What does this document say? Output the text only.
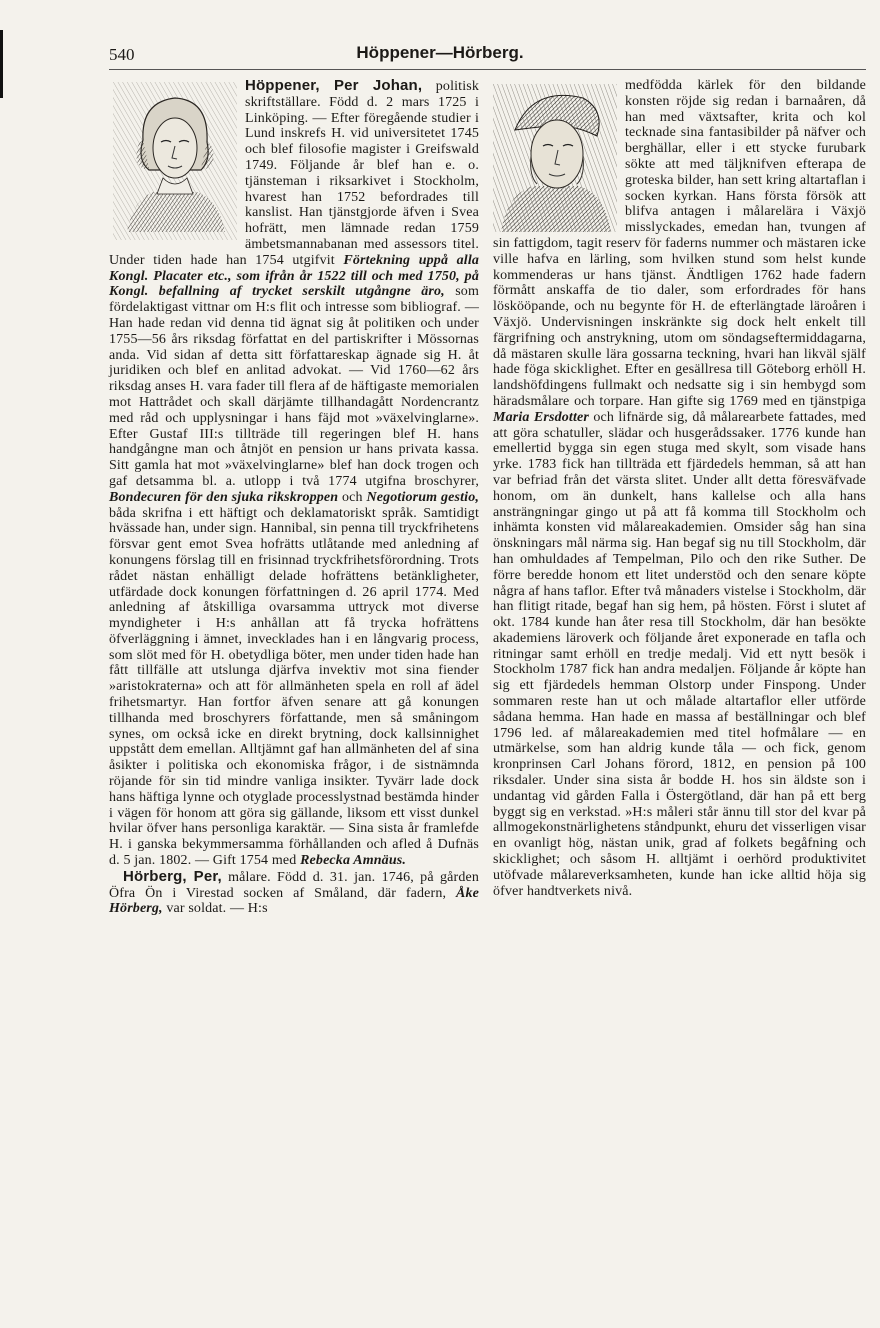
540	Höppener—Hörberg.

Höppener, Per Johan, politisk skriftställare. Född d. 2 mars 1725 i Linköping. — Efter föregående studier i Lund inskrefs H. vid universitetet 1745 och blef filosofie magister i Greifswald 1749. Följande år blef han e. o. tjänsteman i riksarkivet i Stockholm, hvarest han 1752 befordrades till kanslist. Han tjänstgjorde äfven i Svea hofrätt, men lämnade redan 1759 ämbetsmannabanan med assessors titel. Under tiden hade han 1754 utgifvit Förtekning uppå alla Kongl. Placater etc., som ifrån år 1522 till och med 1750, på Kongl. befallning af trycket serskilt utgångne äro, som fördelaktigast vittnar om H:s flit och intresse som bibliograf. — Han hade redan vid denna tid ägnat sig åt politiken och under 1755—56 års riksdag författat en del partiskrifter i Mössornas anda. Vid sidan af detta sitt författareskap ägnade sig H. åt juridiken och blef en anlitad advokat. — Vid 1760—62 års riksdag anses H. vara fader till flera af de häftigaste memorialen mot Hattrådet och skall därjämte tillhandagått Nordencrantz med råd och upplysningar i hans fäjd mot »växelvinglarne». Efter Gustaf III:s tillträde till regeringen blef H. hans handgångne man och åtnjöt en pension ur hans privata kassa. Sitt gamla hat mot »växelvinglarne» blef han dock trogen och gaf detsamma bl. a. utlopp i två 1774 utgifna broschyrer, Bondecuren för den sjuka rikskroppen och Negotiorum gestio, båda skrifna i ett häftigt och deklamatoriskt språk. Samtidigt hvässade han, under sign. Hannibal, sin penna till tryckfrihetens försvar gent emot Svea hofrätts utlåtande med anledning af konungens förslag till en frisinnad tryckfrihetsförordning. Trots rådet nästan enhälligt delade hofrättens betänkligheter, utfärdade dock konungen författningen d. 26 april 1774. Med anledning af åtskilliga ovarsamma uttryck mot diverse myndigheter i H:s anhållan att få trycka hofrättens öfverläggning i ämnet, invecklades han i en långvarig process, som slöt med för H. obetydliga böter, men under tiden hade han fått tillfälle att utslunga djärfva invektiv mot sina fiender »aristokraterna» och att för allmänheten spela en roll af ädel frihetsmartyr. Han fortfor äfven senare att gå konungen tillhanda med broschyrers författande, men så småningom synes, om också icke en direkt brytning, dock kallsinnighet uppstått dem emellan. Alltjämnt gaf han allmänheten del af sina åsikter i politiska och ekonomiska frågor, i de sistnämnda röjande för sin tid mindre vanliga insikter. Tyvärr lade dock hans häftiga lynne och otyglade processlystnad bestämda hinder i vägen för honom att göra sig gällande, liksom ett visst dunkel hvilar öfver hans personliga karaktär. — Sina sista år framlefde H. i ganska bekymmersamma förhållanden och afled å Dufnäs d. 5 jan. 1802. — Gift 1754 med Rebecka Amnäus.

Hörberg, Per, målare. Född d. 31. jan. 1746, på gården Öfra Ön i Virestad socken af Småland, där fadern, Åke Hörberg, var soldat. — H:s

medfödda kärlek för den bildande konsten röjde sig redan i barnaåren, då han med växtsafter, krita och kol tecknade sina fantasibilder på näfver och berghällar, eller i ett stycke furubark sökte att med täljknifven efterapa de groteska bilder, han sett kring altartaflan i socken kyrkan. Hans första försök att blifva antagen i målarelära i Växjö misslyckades, emedan han, tvungen af sin fattigdom, tagit reserv för faderns nummer och mästaren icke ville hafva en lärling, som hvilken stund som helst kunde kommenderas ur hans tjänst. Ändtligen 1762 hade fadern förmått anskaffa de tio daler, som erfordrades för hans löskööpande, och nu begynte för H. de efterlängtade läroåren i Växjö. Undervisningen inskränkte sig dock helt enkelt till färgrifning och anstrykning, utom om söndagseftermiddagarna, då mästaren skulle lära gossarna teckning, hvari han likväl själf hade föga skicklighet. Efter en gesällresa till Göteborg erhöll H. landshöfdingens fullmakt och nedsatte sig i sin hembygd som häradsmålare och torpare. Han gifte sig 1769 med en tjänstpiga Maria Ersdotter och lifnärde sig, då målarearbete fattades, med att göra schatuller, slädar och husgerådssaker. 1776 kunde han emellertid bygga sin egen stuga med skylt, som visade hans yrke. 1783 fick han tillträda ett fjärdedels hemman, så att han var befriad från det värsta slitet. Under allt detta föresväfvade honom, om än dunkelt, hans kallelse och alla hans ansträngningar gingo ut på att få komma till Stockholm och inhämta konsten vid målareakademien. Omsider såg han sina önskningars mål närma sig. Han begaf sig nu till Stockholm, där han omhuldades af Tempelman, Pilo och den rike Suther. De förre beredde honom ett litet understöd och den senare köpte några af hans taflor. Efter två månaders vistelse i Stockholm, där han flitigt ritade, begaf han sig hem, på hösten. Först i slutet af okt. 1784 kunde han åter resa till Stockholm, där han besökte akademiens läroverk och följande året exponerade en tafla och ritningar samt erhöll en tredje medalj. Vid ett nytt besök i Stockholm 1787 fick han andra medaljen. Följande år köpte han sig ett fjärdedels hemman Olstorp under Finspong. Under sommaren reste han ut och målade altartaflor eller utförde sådana hemma. Han hade en massa af beställningar och blef 1796 led. af målareakademien med titel hofmålare — en utmärkelse, som han aldrig kunde tåla — och fick, genom kronprinsen Carl Johans förord, 1812, en pension på 100 riksdaler. Under sina sista år bodde H. hos sin äldste son i undantag vid gården Falla i Östergötland, där han på ett berg byggt sig en verkstad. »H:s måleri står ännu till stor del kvar på allmogekonstnärlighetens ståndpunkt, ehuru det visserligen visar en ovanligt hög, nästan unik, grad af folkets begåfning och skicklighet; och såsom H. alltjämt i oerhörd produktivitet utöfvade målareverksamheten, kunde han icke alltid höja sig öfver handtverkets nivå.
